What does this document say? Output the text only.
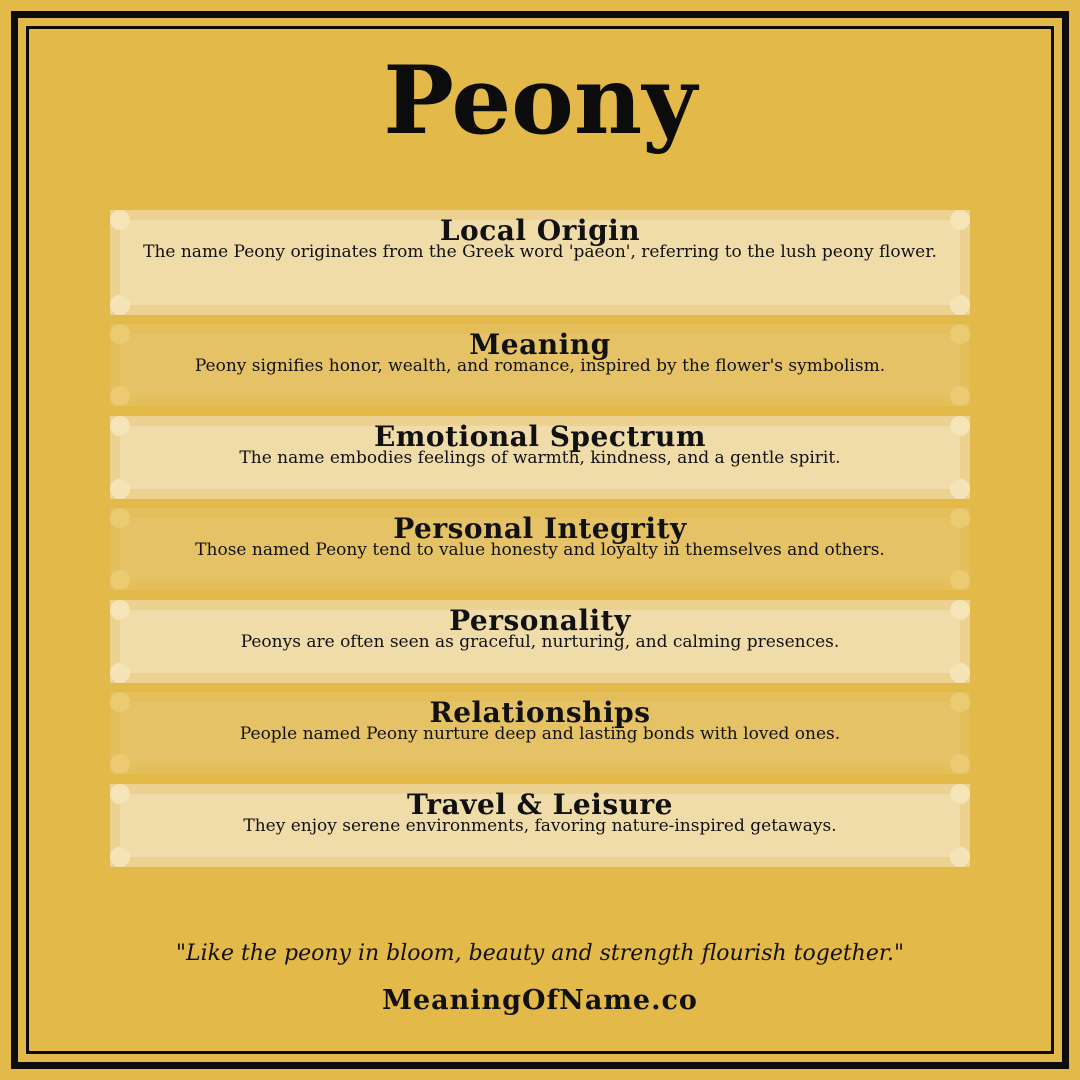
Peony
Local Origin

The name Peony originates from the Greek word 'paeon', referring to the lush peony flower.

Meaning

Peony signifies honor, wealth, and romance, inspired by the flower's symbolism.

Emotional Spectrum

The name embodies feelings of warmth, kindness, and a gentle spirit.

Personal Integrity

Those named Peony tend to value honesty and loyalty in themselves and others.

Personality

Peonys are often seen as graceful, nurturing, and calming presences.

Relationships

People named Peony nurture deep and lasting bonds with loved ones.

Travel & Leisure

They enjoy serene environments, favoring nature-inspired getaways.

"Like the peony in bloom, beauty and strength flourish together."

MeaningOfName.co
